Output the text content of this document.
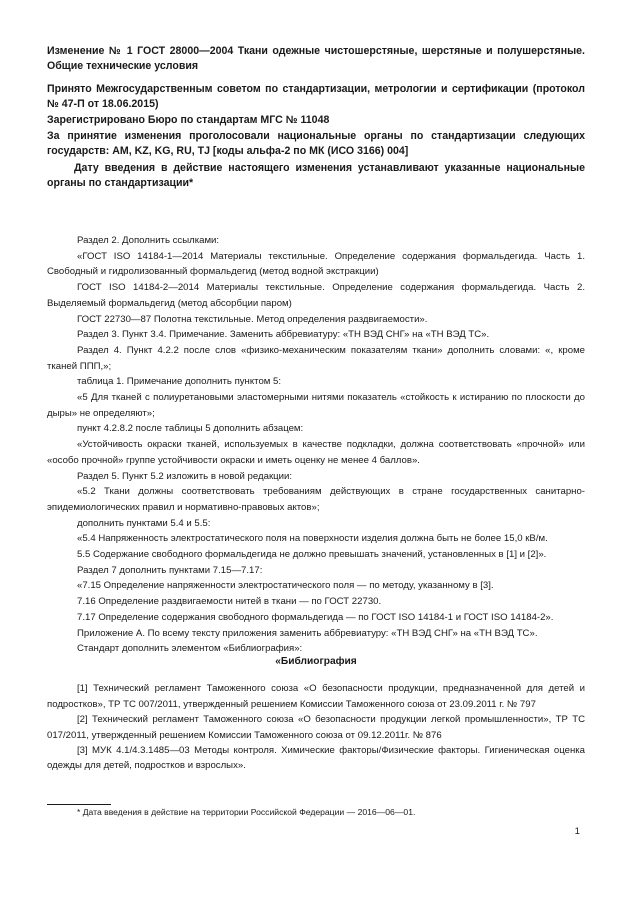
Изменение № 1 ГОСТ 28000—2004 Ткани одежные чистошерстяные, шерстяные и полушерстяные. Общие технические условия
Принято Межгосударственным советом по стандартизации, метрологии и сертификации (протокол № 47-П от 18.06.2015)
Зарегистрировано Бюро по стандартам МГС № 11048
За принятие изменения проголосовали национальные органы по стандартизации следующих государств: AM, KZ, KG, RU, TJ [коды альфа-2 по МК (ИСО 3166) 004]
Дату введения в действие настоящего изменения устанавливают указанные национальные органы по стандартизации*

Раздел 2. Дополнить ссылками:

«ГОСТ ISO 14184-1—2014 Материалы текстильные. Определение содержания формальдегида. Часть 1. Свободный и гидролизованный формальдегид (метод водной экстракции)

ГОСТ ISO 14184-2—2014 Материалы текстильные. Определение содержания формальдегида. Часть 2. Выделяемый формальдегид (метод абсорбции паром)

ГОСТ 22730—87 Полотна текстильные. Метод определения раздвигаемости».

Раздел 3. Пункт 3.4. Примечание. Заменить аббревиатуру: «ТН ВЭД СНГ» на «ТН ВЭД ТС».

Раздел 4. Пункт 4.2.2 после слов «физико-механическим показателям ткани» дополнить словами: «, кроме тканей ППП,»;

таблица 1. Примечание дополнить пунктом 5:

«5 Для тканей с полиуретановыми эластомерными нитями показатель «стойкость к истиранию по плоскости до дыры» не определяют»;

пункт 4.2.8.2 после таблицы 5 дополнить абзацем:

«Устойчивость окраски тканей, используемых в качестве подкладки, должна соответствовать «прочной» или «особо прочной» группе устойчивости окраски и иметь оценку не менее 4 баллов».

Раздел 5. Пункт 5.2 изложить в новой редакции:

«5.2 Ткани должны соответствовать требованиям действующих в стране государственных санитарно-эпидемиологических правил и нормативно-правовых актов»;

дополнить пунктами 5.4 и 5.5:

«5.4 Напряженность электростатического поля на поверхности изделия должна быть не более 15,0 кВ/м.

5.5 Содержание свободного формальдегида не должно превышать значений, установленных в [1] и [2]».

Раздел 7 дополнить пунктами 7.15—7.17:

«7.15 Определение напряженности электростатического поля — по методу, указанному в [3].

7.16 Определение раздвигаемости нитей в ткани — по ГОСТ 22730.

7.17 Определение содержания свободного формальдегида — по ГОСТ ISO 14184-1 и ГОСТ ISO 14184-2».

Приложение А. По всему тексту приложения заменить аббревиатуру: «ТН ВЭД СНГ» на «ТН ВЭД ТС».

Стандарт дополнить элементом «Библиография»:

«Библиография

[1] Технический регламент Таможенного союза «О безопасности продукции, предназначенной для детей и подростков», ТР ТС 007/2011, утвержденный решением Комиссии Таможенного союза от 23.09.2011 г. № 797

[2] Технический регламент Таможенного союза «О безопасности продукции легкой промышленности», ТР ТС 017/2011, утвержденный решением Комиссии Таможенного союза от 09.12.2011г. № 876

[3] МУК 4.1/4.3.1485—03 Методы контроля. Химические факторы/Физические факторы. Гигиеническая оценка одежды для детей, подростков и взрослых».

* Дата введения в действие на территории Российской Федерации — 2016—06—01.
1
